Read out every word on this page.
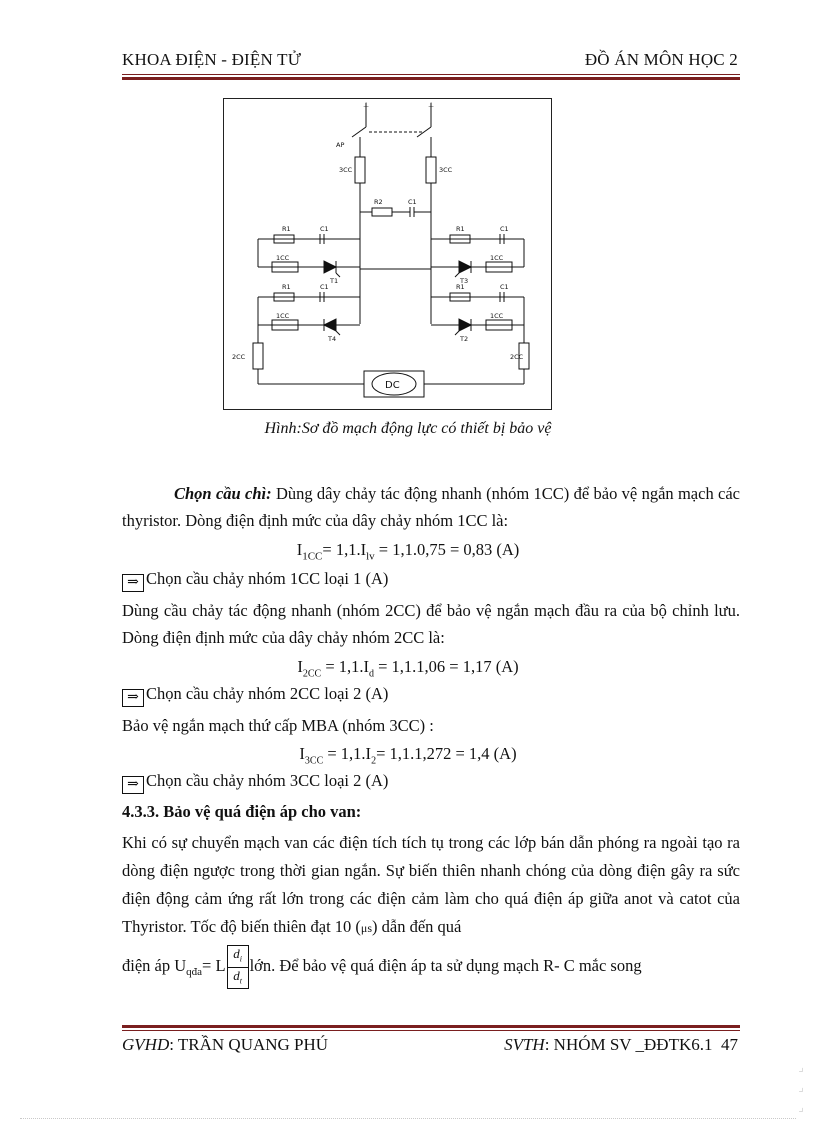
KHOA ĐIỆN - ĐIỆN TỬ	ĐỒ ÁN MÔN HỌC 2
⊥	⊥
AP
3CC	3CC
R2	C1
R1	C1
1CC
T1
R1	C1
1CC
T3
R1	C1
1CC
T4
R1	C1
1CC
T2
2CC	2CC
DC
Hình:Sơ đồ mạch động lực có thiết bị bảo vệ
Chọn cầu chì: Dùng dây chảy tác động nhanh (nhóm 1CC) để bảo vệ ngắn mạch các thyristor. Dòng điện định mức của dây chảy nhóm 1CC là:
$I_{1CC}= 1,1.I_{lv} = 1,1.0,75 = 0,83$ (A)
⇒ Chọn cầu chảy nhóm 1CC loại 1 (A)
Dùng cầu chảy tác động nhanh (nhóm 2CC) để bảo vệ ngắn mạch đầu ra của bộ chỉnh lưu. Dòng điện định mức của dây chảy nhóm 2CC là:
$I_{2CC} = 1,1.I_d = 1,1.1,06 = 1,17$ (A)
⇒ Chọn cầu chảy nhóm 2CC loại 2 (A)
Bảo vệ ngắn mạch thứ cấp MBA (nhóm 3CC) :
$I_{3CC} = 1,1.I_2= 1,1.1,272 = 1,4$ (A)
⇒ Chọn cầu chảy nhóm 3CC loại 2 (A)
4.3.3. Bảo vệ quá điện áp cho van:
Khi có sự chuyển mạch van các điện tích tích tụ trong các lớp bán dẫn phóng ra ngoài tạo ra dòng điện ngược trong thời gian ngắn. Sự biến thiên nhanh chóng của dòng điện gây ra sức điện động cảm ứng rất lớn trong các điện cảm làm cho quá điện áp giữa anot và catot của Thyristor. Tốc độ biến thiên đạt 10 (μs) dẫn đến quá
điện áp $U_{qđa}= L \frac{d_i}{d_t}$ lớn. Để bảo vệ quá điện áp ta sử dụng mạch R- C mắc song
GVHD: TRẦN QUANG PHÚ	SVTH: NHÓM SV _ĐĐTK6.1 47
⌟
⌟
⌟
